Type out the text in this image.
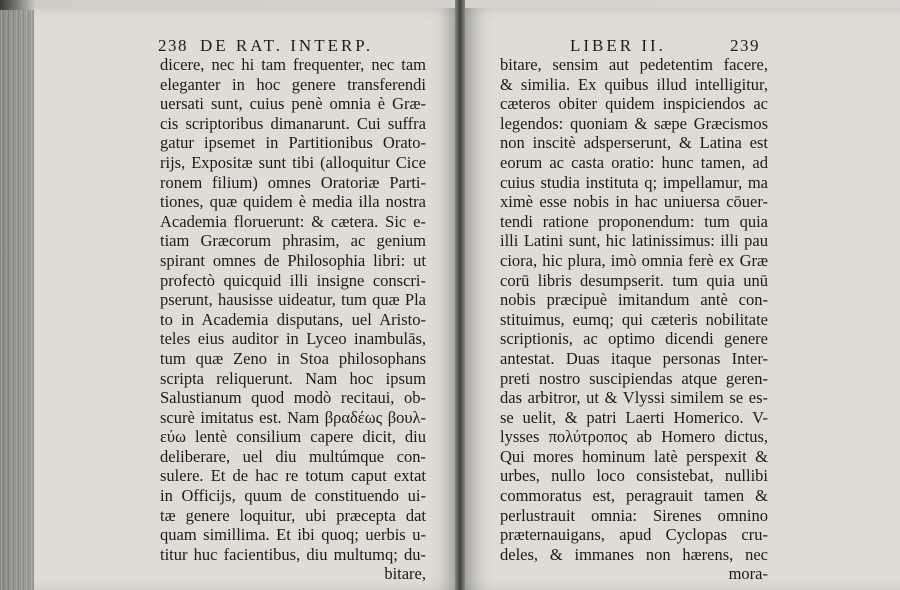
238 DE RAT. INTERP.	LIBER II.	239
dicere, nec hi tam frequenter, nec tam
eleganter in hoc genere transferendi
uersati sunt, cuius penè omnia è Græ-
cis scriptoribus dimanarunt. Cui suffra
gatur ipsemet in Partitionibus Orato-
rijs, Expositæ sunt tibi (alloquitur Cice
ronem filium) omnes Oratoriæ Parti-
tiones, quæ quidem è media illa nostra
Academia floruerunt: & cætera. Sic e-
tiam Græcorum phrasim, ac genium
spirant omnes de Philosophia libri: ut
profectò quicquid illi insigne conscri-
pserunt, hausisse uideatur, tum quæ Pla
to in Academia disputans, uel Aristo-
teles eius auditor in Lyceo inambulās,
tum quæ Zeno in Stoa philosophans
scripta reliquerunt. Nam hoc ipsum
Salustianum quod modò recitaui, ob-
scurè imitatus est. Nam βραδέως βουλ-
εύω lentè consilium capere dicit, diu
deliberare, uel diu multúmque con-
sulere. Et de hac re totum caput extat
in Officijs, quum de constituendo ui-
tæ genere loquitur, ubi præcepta dat
bitare, sensim aut pedetentim facere,
& similia. Ex quibus illud intelligitur,
cæteros obiter quidem inspiciendos ac
legendos: quoniam & sæpe Græcismos
non inscitè adsperserunt, & Latina est
eorum ac casta oratio: hunc tamen, ad
cuius studia instituta q; impellamur, ma
ximè esse nobis in hac uniuersa cōuer-
tendi ratione proponendum: tum quia
illi Latini sunt, hic latinissimus: illi pau
ciora, hic plura, imò omnia ferè ex Græ
corū libris desumpserit. tum quia unū
nobis præcipuè imitandum antè con-
stituimus, eumq; qui cæteris nobilitate
scriptionis, ac optimo dicendi genere
antestat. Duas itaque personas Inter-
preti nostro suscipiendas atque geren-
das arbitror, ut & Vlyssi similem se es-
se uelit, & patri Laerti Homerico. V-
lysses πολύτροπος ab Homero dictus,
Qui mores hominum latè perspexit &
urbes, nullo loco consistebat, nullibi
commoratus est, peragrauit tamen &
perlustrauit omnia: Sirenes omnino
quam simillima. Et ibi quoq; uerbis u-
titur huc facientibus, diu multumq; du-
bitare,
præternauigans, apud Cyclopas cru-
deles, & immanes non hærens, nec
mora-
